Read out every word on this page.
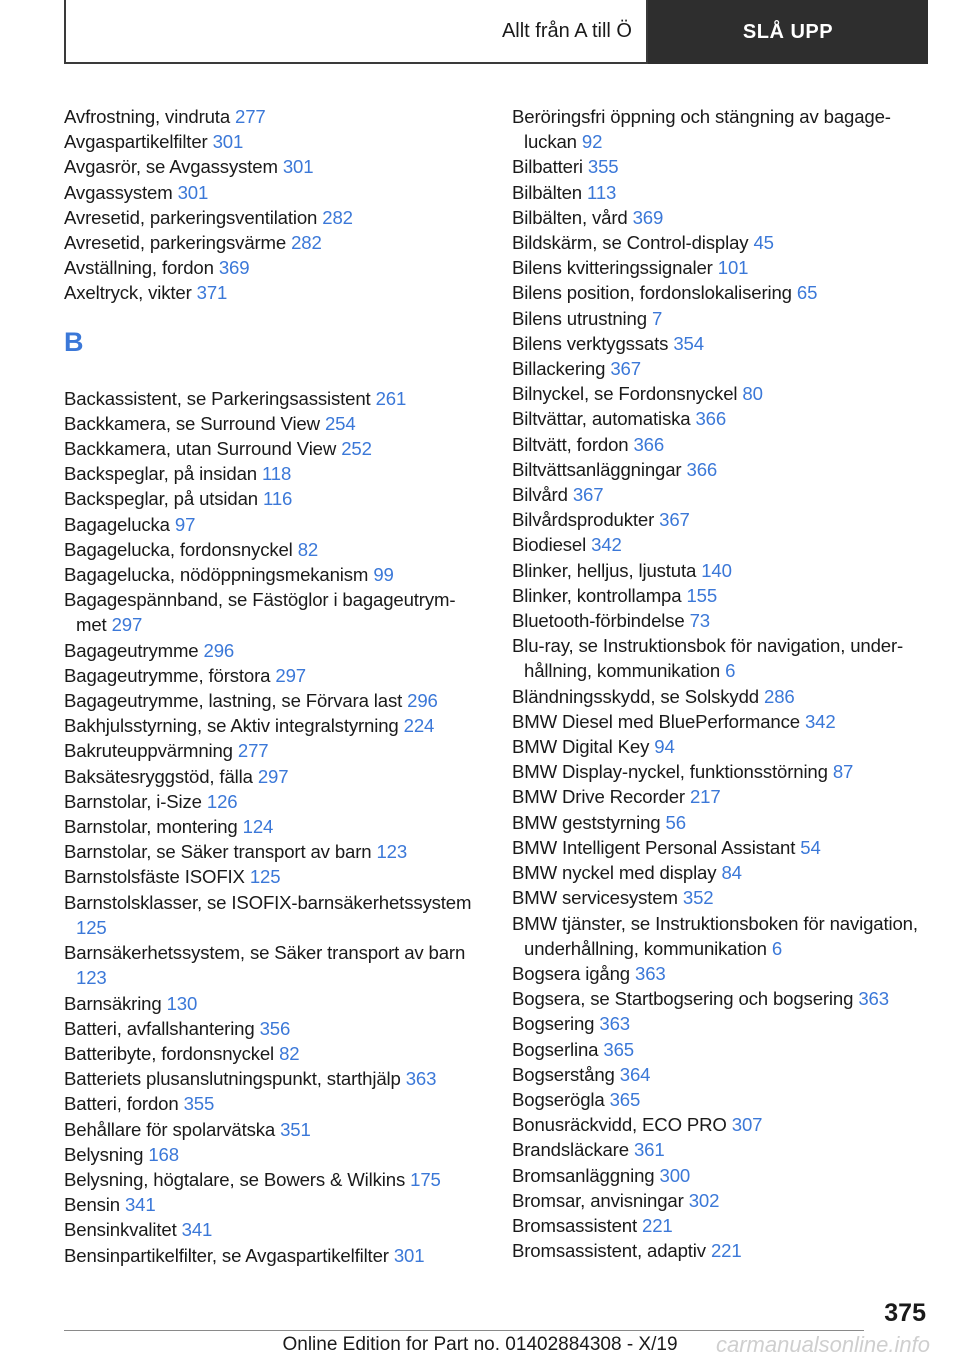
Allt från A till Ö	SLÅ UPP
Avfrostning, vindruta 277
Avgaspartikelfilter 301
Avgasrör, se Avgassystem 301
Avgassystem 301
Avresetid, parkeringsventilation 282
Avresetid, parkeringsvärme 282
Avställning, fordon 369
Axeltryck, vikter 371
B
Backassistent, se Parkeringsassistent 261
Backkamera, se Surround View 254
Backkamera, utan Surround View 252
Backspeglar, på insidan 118
Backspeglar, på utsidan 116
Bagagelucka 97
Bagagelucka, fordonsnyckel 82
Bagagelucka, nödöppningsmekanism 99
Bagagespännband, se Fästöglor i bagageutrymmet 297
Bagageutrymme 296
Bagageutrymme, förstora 297
Bagageutrymme, lastning, se Förvara last 296
Bakhjulsstyrning, se Aktiv integralstyrning 224
Bakruteuppvärmning 277
Baksätesryggstöd, fälla 297
Barnstolar, i-Size 126
Barnstolar, montering 124
Barnstolar, se Säker transport av barn 123
Barnstolsfäste ISOFIX 125
Barnstolsklasser, se ISOFIX-barnsäkerhetssystem 125
Barnsäkerhetssystem, se Säker transport av barn 123
Barnsäkring 130
Batteri, avfallshantering 356
Batteribyte, fordonsnyckel 82
Batteriets plusanslutningspunkt, starthjälp 363
Batteri, fordon 355
Behållare för spolarvätska 351
Belysning 168
Belysning, högtalare, se Bowers & Wilkins 175
Bensin 341
Bensinkvalitet 341
Bensinpartikelfilter, se Avgaspartikelfilter 301
Beröringsfri öppning och stängning av bagageluckan 92
Bilbatteri 355
Bilbälten 113
Bilbälten, vård 369
Bildskärm, se Control-display 45
Bilens kvitteringssignaler 101
Bilens position, fordonslokalisering 65
Bilens utrustning 7
Bilens verktygssats 354
Billackering 367
Bilnyckel, se Fordonsnyckel 80
Biltvättar, automatiska 366
Biltvätt, fordon 366
Biltvättsanläggningar 366
Bilvård 367
Bilvårdsprodukter 367
Biodiesel 342
Blinker, helljus, ljustuta 140
Blinker, kontrollampa 155
Bluetooth-förbindelse 73
Blu-ray, se Instruktionsbok för navigation, underhållning, kommunikation 6
Bländningsskydd, se Solskydd 286
BMW Diesel med BluePerformance 342
BMW Digital Key 94
BMW Display-nyckel, funktionsstörning 87
BMW Drive Recorder 217
BMW geststyrning 56
BMW Intelligent Personal Assistant 54
BMW nyckel med display 84
BMW servicesystem 352
BMW tjänster, se Instruktionsboken för navigation, underhållning, kommunikation 6
Bogsera igång 363
Bogsera, se Startbogsering och bogsering 363
Bogsering 363
Bogserlina 365
Bogserstång 364
Bogserögla 365
Bonusräckvidd, ECO PRO 307
Brandsläckare 361
Bromsanläggning 300
Bromsar, anvisningar 302
Bromsassistent 221
Bromsassistent, adaptiv 221
375
Online Edition for Part no. 01402884308 - X/19	carmanualsonline.info
